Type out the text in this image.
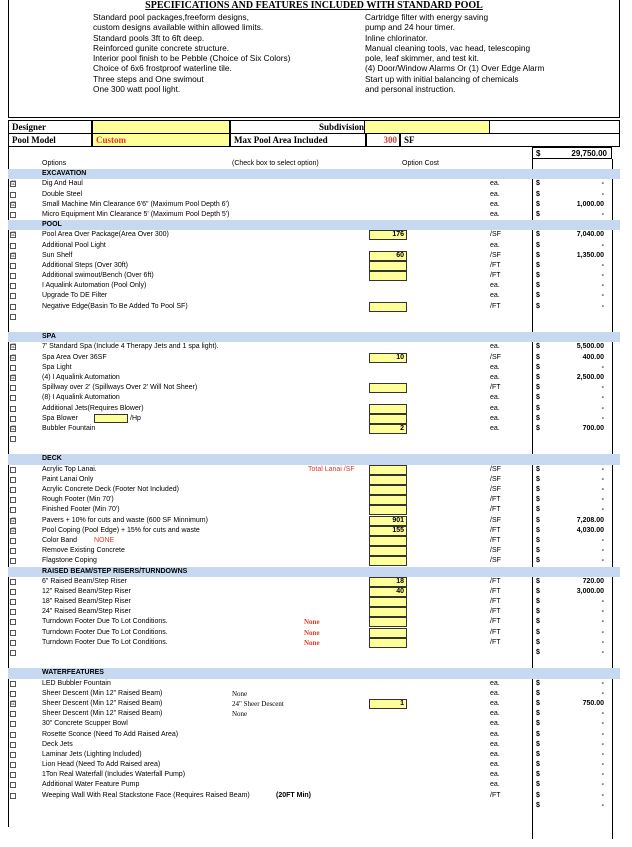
SPECIFICATIONS AND FEATURES INCLUDED WITH STANDARD POOL
Standard pool packages,freeform designs,
custom designs available within allowed limits.
Standard pools 3ft to 6ft deep.
Reinforced gunite concrete structure.
Interior pool finish to be Pebble (Choice of Six Colors)
Choice of 6x6 frostproof waterline tile.
Three steps and One swimout
One 300 watt pool light.
Cartridge filter with energy saving
pump and 24 hour timer.
Inline chlorinator.
Manual cleaning tools, vac head, telescoping
pole, leaf skimmer, and test kit.
(4) Door/Window Alarms Or (1) Over Edge Alarm
Start up with initial balancing of chemicals
and personal instruction.
Designer	Subdivision
Pool Model	Custom	Max Pool Area Included	300 SF
$	29,750.00
Options	(Check box to select option)	Option Cost
EXCAVATION
☑	Dig And Haul	ea.	$	-
Double Steel	ea.	$	-
☑	Small Machine Min Clearance 6'6" (Maximum Pool Depth 6')	ea.	$	1,000.00
Micro Equipment Min Clearance 5' (Maximum Pool Depth 5')	ea.	$	-
POOL
☑	Pool Area Over Package(Area Over 300)	176	/SF	$	7,040.00
Additional Pool Light	ea.	$	-
☑	Sun Shelf	60	/SF	$	1,350.00
Additional Steps (Over 30ft)	/FT	$	-
Additional swimout/Bench (Over 6ft)	/FT	$	-
I Aqualink Automation (Pool Only)	ea.	$	-
Upgrade To DE Filter	ea.	$	-
Negative Edge(Basin To Be Added To Pool SF)	/FT	$	-
SPA
☑	7' Standard Spa (Include 4 Therapy Jets and 1 spa light).	ea.	$	5,500.00
☑	Spa Area Over 36SF	10	/SF	$	400.00
Spa Light	ea.	$	-
☑	(4) I Aqualink Automation	ea.	$	2,500.00
Spillway over 2' (Spillways Over 2' Will Not Sheer)	/FT	$	-
(8) I Aqualink Automation	ea.	$	-
Additional Jets(Requires Blower)	ea.	$	-
Spa Blower	/Hp	ea.	$	-
☑	Bubbler Fountain	2	ea.	$	700.00
DECK
Acrylic Top Lanai.	Total Lanai /SF	/SF	$	-
Paint Lanai Only	/SF	$	-
Acrylic Concrete Deck (Footer Not Included)	/SF	$	-
Rough Footer (Min 70')	/FT	$	-
Finished Footer (Min 70')	/FT	$	-
☑	Pavers + 10% for cuts and waste (600 SF Minnimum)	901	/SF	$	7,208.00
☑	Pool Coping (Pool Edge) + 15% for cuts and waste	155	/FT	$	4,030.00
Color Band NONE	/FT	$	-
Remove Existing Concrete	/SF	$	-
Flagstone Coping	/SF	$	-
RAISED BEAM/STEP RISERS/TURNDOWNS
6" Raised Beam/Step Riser	18	/FT	$	720.00
12" Raised Beam/Step Riser	40	/FT	$	3,000.00
18" Raised Beam/Step Riser	/FT	$	-
24" Raised Beam/Step Riser	/FT	$	-
Turndown Footer Due To Lot Conditions.	None	/FT	$	-
Turndown Footer Due To Lot Conditions.	None	/FT	$	-
Turndown Footer Due To Lot Conditions.	None	/FT	$	-
$	-
WATERFEATURES
LED Bubbler Fountain	ea.	$	-
Sheer Descent (Min 12" Raised Beam)	None	ea.	$	-
☑	Sheer Descent (Min 12" Raised Beam)	24" Sheer Descent	1	ea.	$	750.00
Sheer Descent (Min 12" Raised Beam)	None	ea.	$	-
30" Concrete Scupper Bowl	ea.	$	-
Rosette Sconce (Need To Add Raised Area)	ea.	$	-
Deck Jets	ea.	$	-
Laminar Jets (Lighting Included)	ea.	$	-
Lion Head (Need To Add Raised area)	ea.	$	-
1Ton Real Waterfall (Includes Waterfall Pump)	ea.	$	-
Additional Water Feature Pump	ea.	$	-
Weeping Wall With Real Stackstone Face (Requires Raised Beam)	(20FT Min)	/FT	$	-
$	-
